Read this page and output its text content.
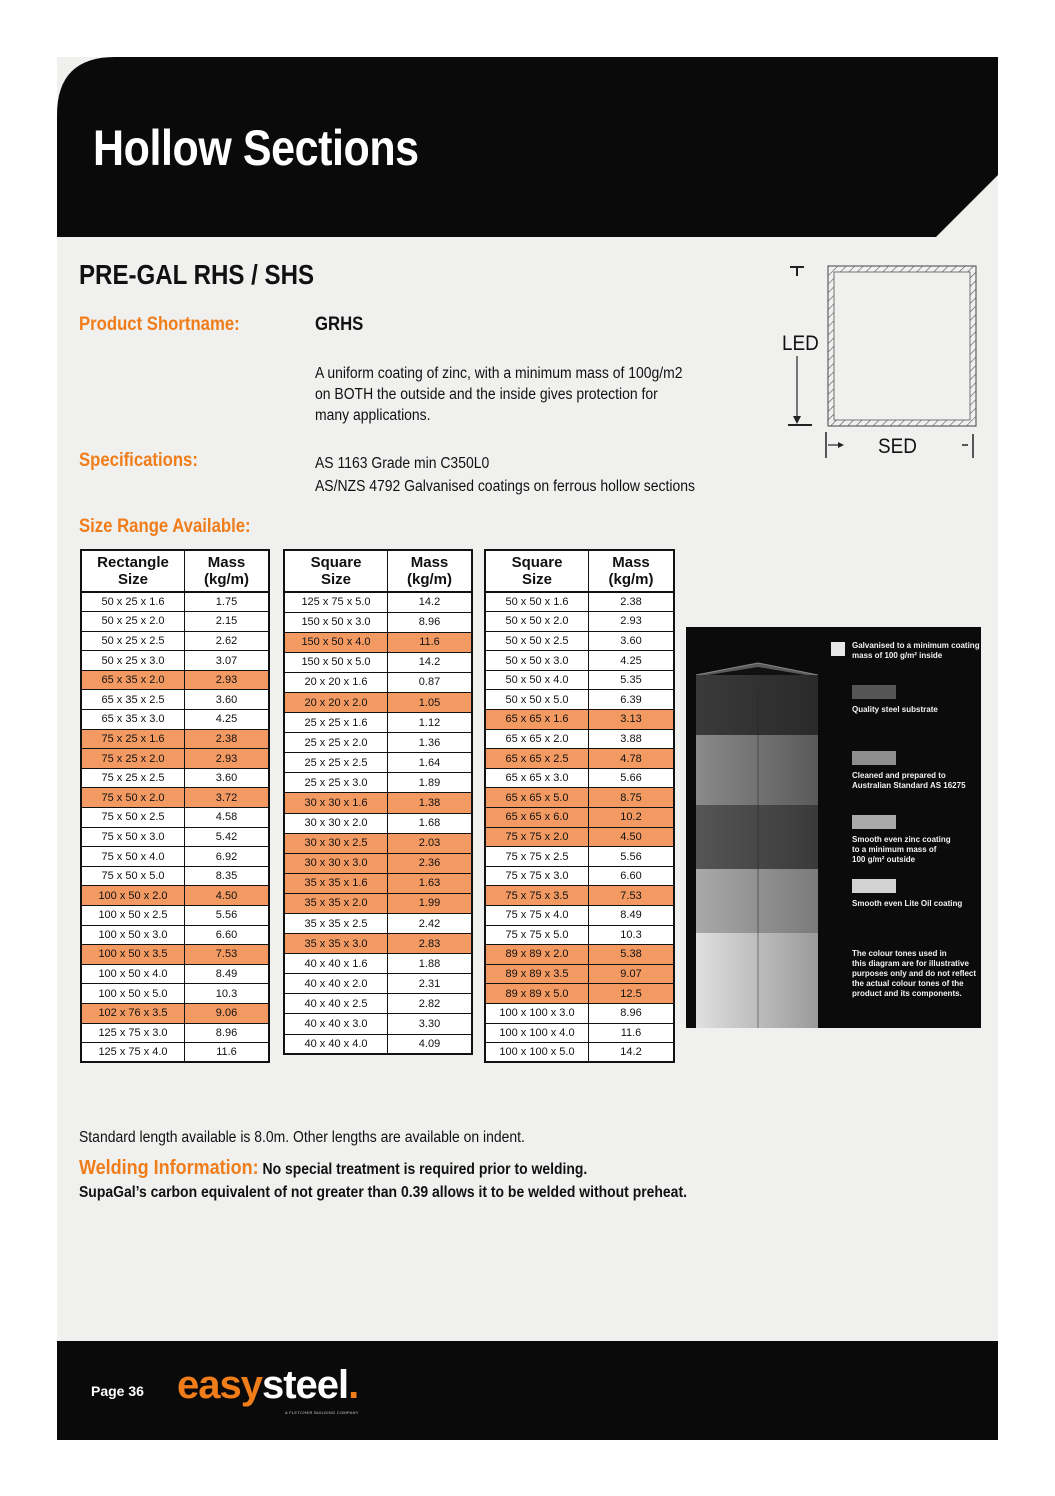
Hollow Sections
PRE-GAL RHS / SHS
Product Shortname:	GRHS
A uniform coating of zinc, with a minimum mass of 100g/m2 on BOTH the outside and the inside gives protection for many applications.
Specifications:	AS 1163 Grade min C350L0
AS/NZS 4792 Galvanised coatings on ferrous hollow sections
Size Range Available:
LED
SED
Rectangle
Size	Mass
(kg/m)
50 x 25 x 1.6	1.75
50 x 25 x 2.0	2.15
50 x 25 x 2.5	2.62
50 x 25 x 3.0	3.07
65 x 35 x 2.0	2.93
65 x 35 x 2.5	3.60
65 x 35 x 3.0	4.25
75 x 25 x 1.6	2.38
75 x 25 x 2.0	2.93
75 x 25 x 2.5	3.60
75 x 50 x 2.0	3.72
75 x 50 x 2.5	4.58
75 x 50 x 3.0	5.42
75 x 50 x 4.0	6.92
75 x 50 x 5.0	8.35
100 x 50 x 2.0	4.50
100 x 50 x 2.5	5.56
100 x 50 x 3.0	6.60
100 x 50 x 3.5	7.53
100 x 50 x 4.0	8.49
100 x 50 x 5.0	10.3
102 x 76 x 3.5	9.06
125 x 75 x 3.0	8.96
125 x 75 x 4.0	11.6
Square
Size	Mass
(kg/m)
125 x 75 x 5.0	14.2
150 x 50 x 3.0	8.96
150 x 50 x 4.0	11.6
150 x 50 x 5.0	14.2
20 x 20 x 1.6	0.87
20 x 20 x 2.0	1.05
25 x 25 x 1.6	1.12
25 x 25 x 2.0	1.36
25 x 25 x 2.5	1.64
25 x 25 x 3.0	1.89
30 x 30 x 1.6	1.38
30 x 30 x 2.0	1.68
30 x 30 x 2.5	2.03
30 x 30 x 3.0	2.36
35 x 35 x 1.6	1.63
35 x 35 x 2.0	1.99
35 x 35 x 2.5	2.42
35 x 35 x 3.0	2.83
40 x 40 x 1.6	1.88
40 x 40 x 2.0	2.31
40 x 40 x 2.5	2.82
40 x 40 x 3.0	3.30
40 x 40 x 4.0	4.09
Square
Size	Mass
(kg/m)
50 x 50 x 1.6	2.38
50 x 50 x 2.0	2.93
50 x 50 x 2.5	3.60
50 x 50 x 3.0	4.25
50 x 50 x 4.0	5.35
50 x 50 x 5.0	6.39
65 x 65 x 1.6	3.13
65 x 65 x 2.0	3.88
65 x 65 x 2.5	4.78
65 x 65 x 3.0	5.66
65 x 65 x 5.0	8.75
65 x 65 x 6.0	10.2
75 x 75 x 2.0	4.50
75 x 75 x 2.5	5.56
75 x 75 x 3.0	6.60
75 x 75 x 3.5	7.53
75 x 75 x 4.0	8.49
75 x 75 x 5.0	10.3
89 x 89 x 2.0	5.38
89 x 89 x 3.5	9.07
89 x 89 x 5.0	12.5
100 x 100 x 3.0	8.96
100 x 100 x 4.0	11.6
100 x 100 x 5.0	14.2
Galvanised to a minimum coating
mass of 100 g/m² inside
Quality steel substrate
Cleaned and prepared to
Australian Standard AS 16275
Smooth even zinc coating
to a minimum mass of
100 g/m² outside
Smooth even Lite Oil coating
The colour tones used in
this diagram are for illustrative
purposes only and do not reflect
the actual colour tones of the
product and its components.
Standard length available is 8.0m. Other lengths are available on indent.
Welding Information: No special treatment is required prior to welding.
SupaGal’s carbon equivalent of not greater than 0.39 allows it to be welded without preheat.
Page 36 easysteel.
A FLETCHER BUILDING COMPANY
